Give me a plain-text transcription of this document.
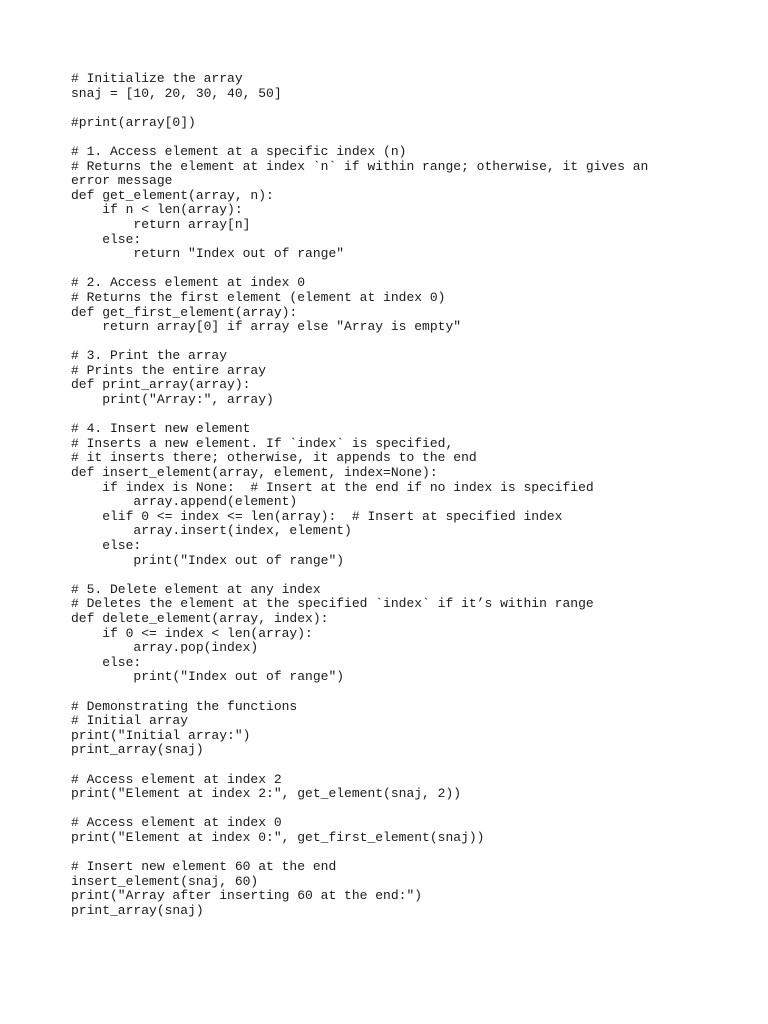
# Initialize the array
snaj = [10, 20, 30, 40, 50]
#print(array[0])
# 1. Access element at a specific index (n)
# Returns the element at index `n` if within range; otherwise, it gives an error message
def get_element(array, n):
if n < len(array):
return array[n]
else:
return "Index out of range"
# 2. Access element at index 0
# Returns the first element (element at index 0)
def get_first_element(array):
return array[0] if array else "Array is empty"
# 3. Print the array
# Prints the entire array
def print_array(array):
print("Array:", array)
# 4. Insert new element
# Inserts a new element. If `index` is specified,
# it inserts there; otherwise, it appends to the end
def insert_element(array, element, index=None):
if index is None:  # Insert at the end if no index is specified
array.append(element)
elif 0 <= index <= len(array):  # Insert at specified index
array.insert(index, element)
else:
print("Index out of range")
# 5. Delete element at any index
# Deletes the element at the specified `index` if it’s within range
def delete_element(array, index):
if 0 <= index < len(array):
array.pop(index)
else:
print("Index out of range")
# Demonstrating the functions
# Initial array
print("Initial array:")
print_array(snaj)
# Access element at index 2
print("Element at index 2:", get_element(snaj, 2))
# Access element at index 0
print("Element at index 0:", get_first_element(snaj))
# Insert new element 60 at the end
insert_element(snaj, 60)
print("Array after inserting 60 at the end:")
print_array(snaj)
